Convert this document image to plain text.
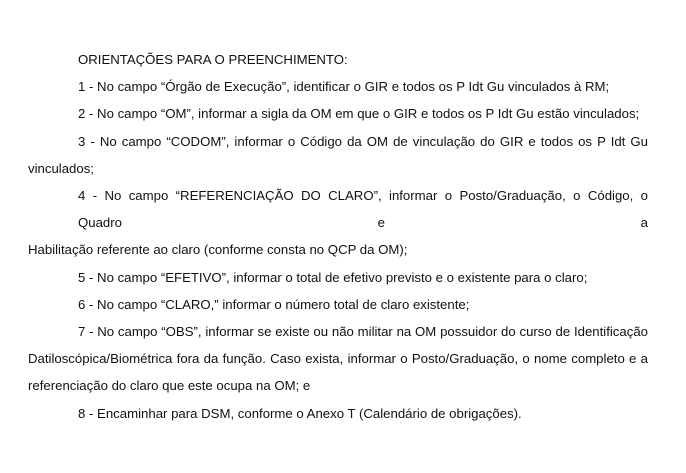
ORIENTAÇÕES PARA O PREENCHIMENTO:
1 - No campo “Órgão de Execução”, identificar o GIR e todos os P Idt Gu vinculados à RM;
2 - No campo “OM”, informar a sigla da OM em que o GIR e todos os P Idt Gu estão vinculados;
3 - No campo “CODOM”, informar o Código da OM de vinculação do GIR e todos os P Idt Gu
vinculados;
4 - No campo “REFERENCIAÇÃO DO CLARO”, informar o Posto/Graduação, o Código, o Quadro e a
Habilitação referente ao claro (conforme consta no QCP da OM);
5 - No campo “EFETIVO”, informar o total de efetivo previsto e o existente para o claro;
6 - No campo “CLARO,” informar o número total de claro existente;
7 - No campo “OBS”, informar se existe ou não militar na OM possuidor do curso de Identificação
Datiloscópica/Biométrica fora da função. Caso exista, informar o Posto/Graduação, o nome completo e a
referenciação do claro que este ocupa na OM; e
8 - Encaminhar para DSM, conforme o Anexo T (Calendário de obrigações).
